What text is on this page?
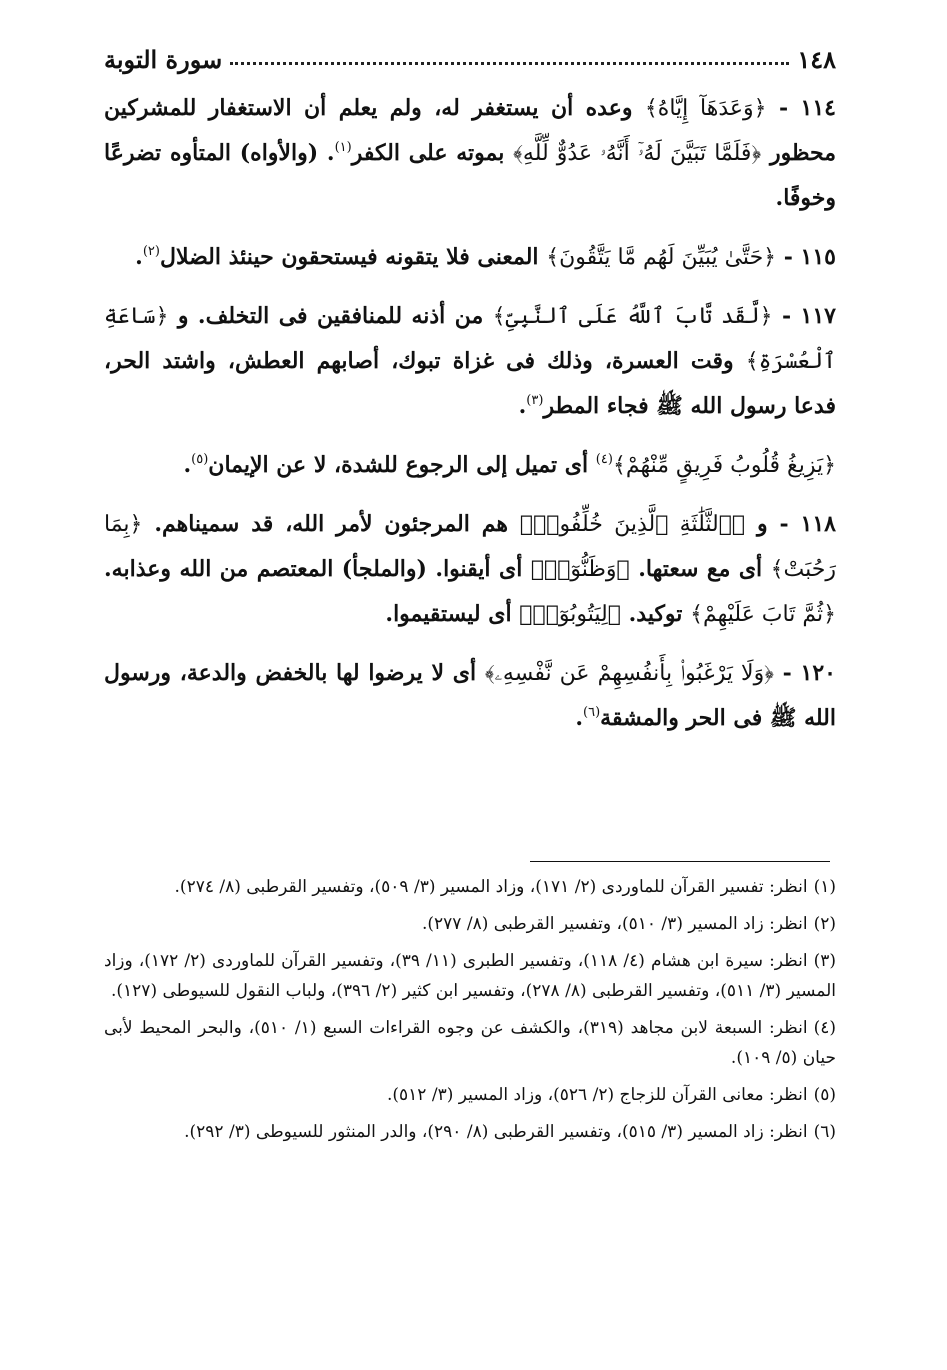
١٤٨
سورة التوبة

١١٤ - ﴿وَعَدَهَآ إِيَّاهُ﴾ وعده أن يستغفر له، ولم يعلم أن الاستغفار للمشركين محظور ﴿فَلَمَّا تَبَيَّنَ لَهُۥٓ أَنَّهُۥ عَدُوٌّ لِّلَّهِ﴾ بموته على الكفر$^{(١)}$. (والأواه) المتأوه تضرعًا وخوفًا.

١١٥ - ﴿حَتَّىٰ يُبَيِّنَ لَهُم مَّا يَتَّقُونَ﴾ المعنى فلا يتقونه فيستحقون حينئذ الضلال$^{(٢)}$.

١١٧ - ﴿لَّقَد تَّابَ ٱللَّهُ عَلَى ٱلنَّبِىِّ﴾ من أذنه للمنافقين فى التخلف. و ﴿سَاعَةِ ٱلْعُسْرَةِ﴾ وقت العسرة، وذلك فى غزاة تبوك، أصابهم العطش، واشتد الحر، فدعا رسول الله ﷺ فجاء المطر$^{(٣)}$.

﴿يَزِيغُ قُلُوبُ فَرِيقٍ مِّنْهُمْ﴾$^{(٤)}$ أى تميل إلى الرجوع للشدة، لا عن الإيمان$^{(٥)}$.

١١٨ - و ﴿ٱلثَّلَٰثَةِ ٱلَّذِينَ خُلِّفُوا۟﴾ هم المرجئون لأمر الله، قد سميناهم. ﴿بِمَا رَحُبَتْ﴾ أى مع سعتها. ﴿وَظَنُّوٓا۟﴾ أى أيقنوا. (والملجأ) المعتصم من الله وعذابه. ﴿ثُمَّ تَابَ عَلَيْهِمْ﴾ توكيد. ﴿لِيَتُوبُوٓا۟﴾ أى ليستقيموا.

١٢٠ - ﴿وَلَا يَرْغَبُوا۟ بِأَنفُسِهِمْ عَن نَّفْسِهِۦ﴾ أى لا يرضوا لها بالخفض والدعة، ورسول الله ﷺ فى الحر والمشقة$^{(٦)}$.

(١)انظر: تفسير القرآن للماوردى (٢/ ١٧١)، وزاد المسير (٣/ ٥٠٩)، وتفسير القرطبى (٨/ ٢٧٤).
(٢)انظر: زاد المسير (٣/ ٥١٠)، وتفسير القرطبى (٨/ ٢٧٧).
(٣)انظر: سيرة ابن هشام (٤/ ١١٨)، وتفسير الطبرى (١١/ ٣٩)، وتفسير القرآن للماوردى (٢/ ١٧٢)، وزاد المسير (٣/ ٥١١)، وتفسير القرطبى (٨/ ٢٧٨)، وتفسير ابن كثير (٢/ ٣٩٦)، ولباب النقول للسيوطى (١٢٧).
(٤)انظر: السبعة لابن مجاهد (٣١٩)، والكشف عن وجوه القراءات السبع (١/ ٥١٠)، والبحر المحيط لأبى حيان (٥/ ١٠٩).
(٥)انظر: معانى القرآن للزجاج (٢/ ٥٢٦)، وزاد المسير (٣/ ٥١٢).
(٦)انظر: زاد المسير (٣/ ٥١٥)، وتفسير القرطبى (٨/ ٢٩٠)، والدر المنثور للسيوطى (٣/ ٢٩٢).
